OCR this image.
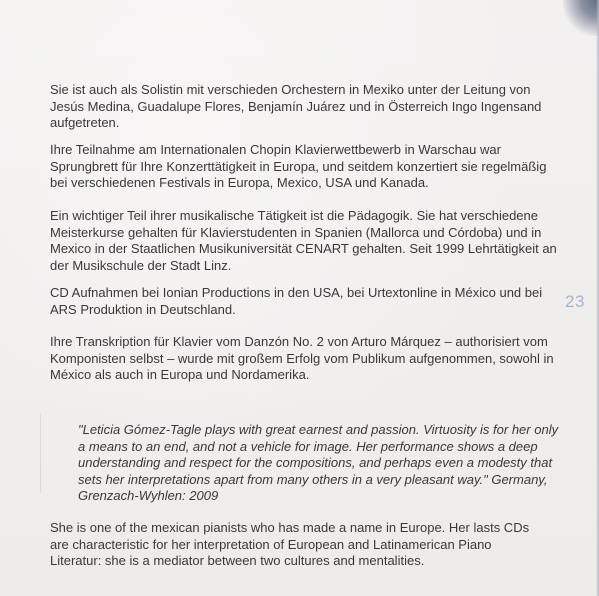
Sie ist auch als Solistin mit verschieden Orchestern in Mexiko unter der Leitung von Jesús Medina, Guadalupe Flores, Benjamín Juárez und in Österreich Ingo Ingensand aufgetreten.

Ihre Teilnahme am Internationalen Chopin Klavierwettbewerb in Warschau war Sprungbrett für Ihre Konzerttätigkeit in Europa, und seitdem konzertiert sie regelmäßig bei verschiedenen Festivals in Europa, Mexico, USA und Kanada.

Ein wichtiger Teil ihrer musikalische Tätigkeit ist die Pädagogik. Sie hat verschiedene Meisterkurse gehalten für Klavierstudenten in Spanien (Mallorca und Córdoba) und in Mexico in der Staatlichen Musikuniversität CENART gehalten. Seit 1999 Lehrtätigkeit an der Musikschule der Stadt Linz.

CD Aufnahmen bei Ionian Productions in den USA, bei Urtextonline in México und bei ARS Produktion in Deutschland.

Ihre Transkription für Klavier vom Danzón No. 2 von Arturo Márquez – authorisiert vom Komponisten selbst – wurde mit großem Erfolg vom Publikum aufgenommen, sowohl in México als auch in Europa und Nordamerika.

"Leticia Gómez-Tagle plays with great earnest and passion. Virtuosity is for her only a means to an end, and not a vehicle for image. Her performance shows a deep understanding and respect for the compositions, and perhaps even a modesty that sets her interpretations apart from many others in a very pleasant way." Germany, Grenzach-Wyhlen: 2009

She is one of the mexican pianists who has made a name in Europe. Her lasts CDs are characteristic for her interpretation of European and Latinamerican Piano Literatur: she is a mediator between two cultures and mentalities.

23
